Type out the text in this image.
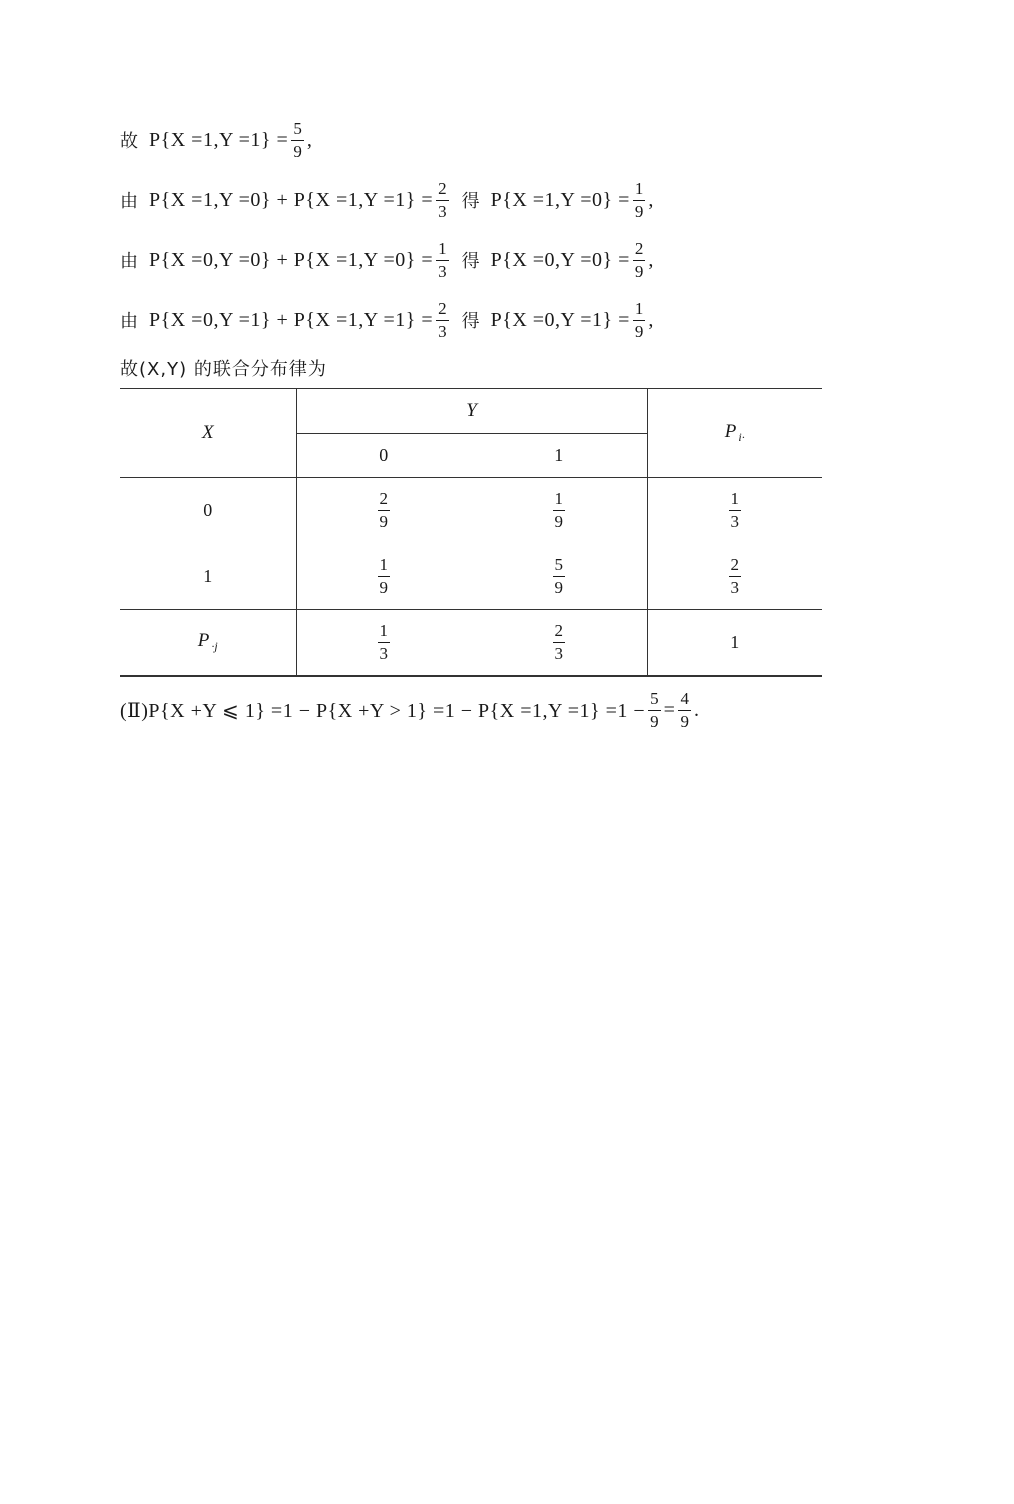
故 $P\{X =1,Y =1\} = \frac{5}{9}$ ,
由 $P\{X =1,Y =0\} + P\{X =1,Y =1\} = \frac{2}{3}$ 得 $P\{X =1,Y =0\} = \frac{1}{9}$ ,
由 $P\{X =0,Y =0\} + P\{X =1,Y =0\} = \frac{1}{3}$ 得 $P\{X =0,Y =0\} = \frac{2}{9}$ ,
由 $P\{X =0,Y =1\} + P\{X =1,Y =1\} = \frac{2}{3}$ 得 $P\{X =0,Y =1\} = \frac{1}{9}$ ,
故(X,Y) 的联合分布律为
X	Y		P $_{i\cdot}$
	0	1	
0	$\frac{2}{9}$	$\frac{1}{9}$	$\frac{1}{3}$

1	$\frac{1}{9}$	$\frac{5}{9}$	$\frac{2}{3}$

P $_{\cdot j}$	$\frac{1}{3}$	$\frac{2}{3}$	1
(Ⅱ)P{X +Y ⩽ $1\} =1 - P\{X +Y > 1\} =1 - P\{X =1,Y =1\} =1 - \frac{5}{9} = \frac{4}{9}$ .
